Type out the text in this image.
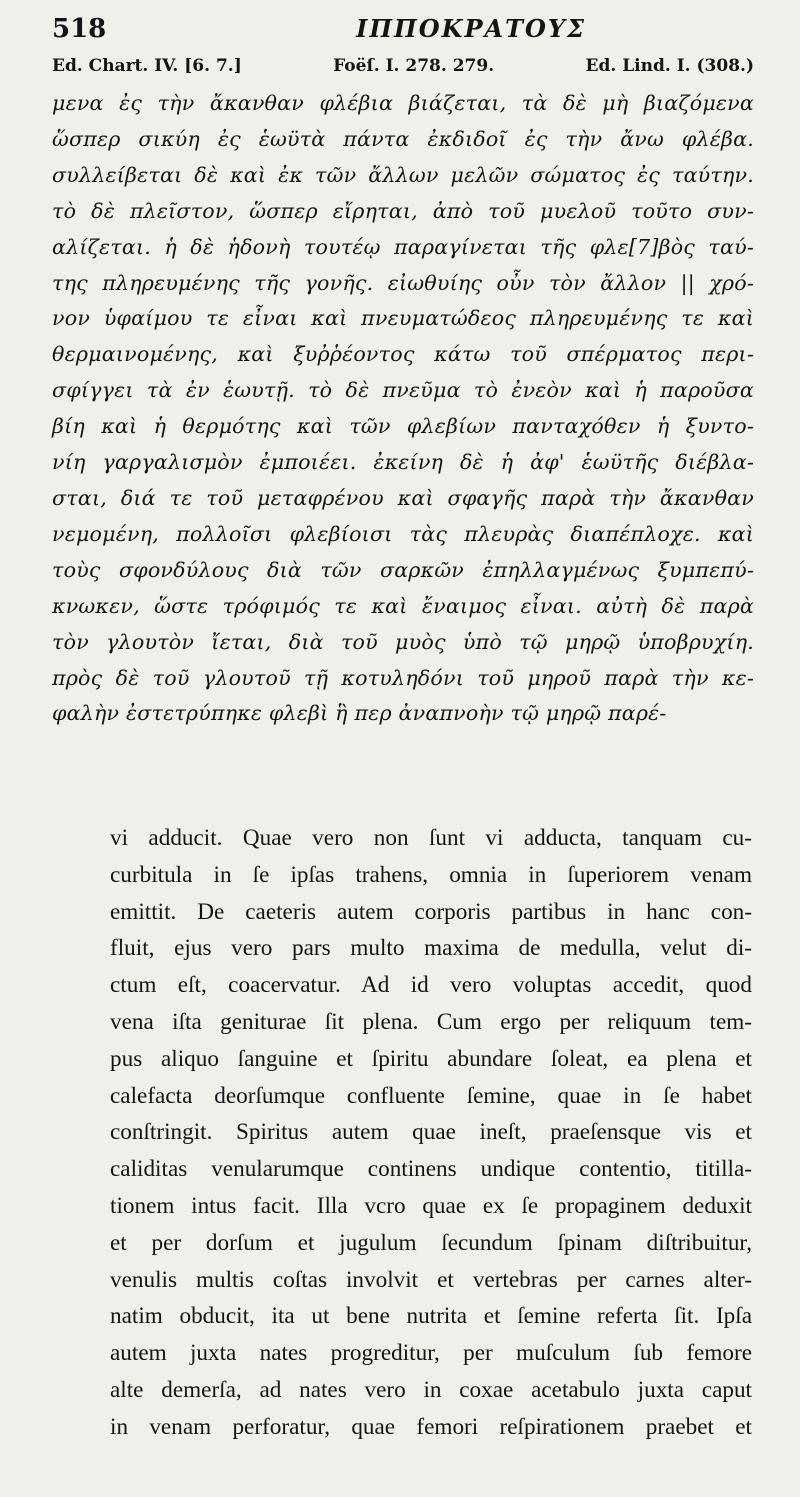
518	ΙΠΠΟΚΡΑΤΟΥΣ
Ed. Chart. IV. [6. 7.]	Foëſ. I. 278. 279.	Ed. Lind. I. (308.)
μενα ἐς τὴν ἄκανθαν φλέβια βιάζεται, τὰ δὲ μὴ βιαζόμενα
ὥσπερ σικύη ἐς ἑωϋτὰ πάντα ἐκδιδοῖ ἐς τὴν ἄνω φλέβα.
συλλείβεται δὲ καὶ ἐκ τῶν ἄλλων μελῶν σώματος ἐς ταύτην.
τὸ δὲ πλεῖστον, ὥσπερ εἴρηται, ἀπὸ τοῦ μυελοῦ τοῦτο συν-
αλίζεται. ἡ δὲ ἡδονὴ τουτέῳ παραγίνεται τῆς φλε[7]βὸς ταύ-
της πληρευμένης τῆς γονῆς. εἰωθυίης οὖν τὸν ἄλλον || χρό-
νον ὑφαίμου τε εἶναι καὶ πνευματώδεος πληρευμένης τε καὶ
θερμαινομένης, καὶ ξυῤῥέοντος κάτω τοῦ σπέρματος περι-
σφίγγει τὰ ἐν ἑωυτῇ. τὸ δὲ πνεῦμα τὸ ἐνεὸν καὶ ἡ παροῦσα
βίη καὶ ἡ θερμότης καὶ τῶν φλεβίων πανταχόθεν ἡ ξυντο-
νίη γαργαλισμὸν ἐμποιέει. ἐκείνη δὲ ἡ ἀφ' ἑωϋτῆς διέβλα-
σται, διά τε τοῦ μεταφρένου καὶ σφαγῆς παρὰ τὴν ἄκανθαν
νεμομένη, πολλοῖσι φλεβίοισι τὰς πλευρὰς διαπέπλοχε. καὶ
τοὺς σφονδύλους διὰ τῶν σαρκῶν ἐπηλλαγμένως ξυμπεπύ-
κνωκεν, ὥστε τρόφιμός τε καὶ ἔναιμος εἶναι. αὐτὴ δὲ παρὰ
τὸν γλουτὸν ἴεται, διὰ τοῦ μυὸς ὑπὸ τῷ μηρῷ ὑποβρυχίη.
πρὸς δὲ τοῦ γλουτοῦ τῇ κοτυληδόνι τοῦ μηροῦ παρὰ τὴν κε-
φαλὴν ἐστετρύπηκε φλεβὶ ἣ περ ἀναπνοὴν τῷ μηρῷ παρέ-
vi adducit. Quae vero non ſunt vi adducta, tanquam cu-
curbitula in ſe ipſas trahens, omnia in ſuperiorem venam
emittit. De caeteris autem corporis partibus in hanc con-
fluit, ejus vero pars multo maxima de medulla, velut di-
ctum eſt, coacervatur. Ad id vero voluptas accedit, quod
vena iſta geniturae ſit plena. Cum ergo per reliquum tem-
pus aliquo ſanguine et ſpiritu abundare ſoleat, ea plena et
calefacta deorſumque confluente ſemine, quae in ſe habet
conſtringit. Spiritus autem quae ineſt, praeſensque vis et
caliditas venularumque continens undique contentio, titilla-
tionem intus facit. Illa vcro quae ex ſe propaginem deduxit
et per dorſum et jugulum ſecundum ſpinam diſtribuitur,
venulis multis coſtas involvit et vertebras per carnes alter-
natim obducit, ita ut bene nutrita et ſemine referta ſit. Ipſa
autem juxta nates progreditur, per muſculum ſub femore
alte demerſa, ad nates vero in coxae acetabulo juxta caput
in venam perforatur, quae femori reſpirationem praebet et
